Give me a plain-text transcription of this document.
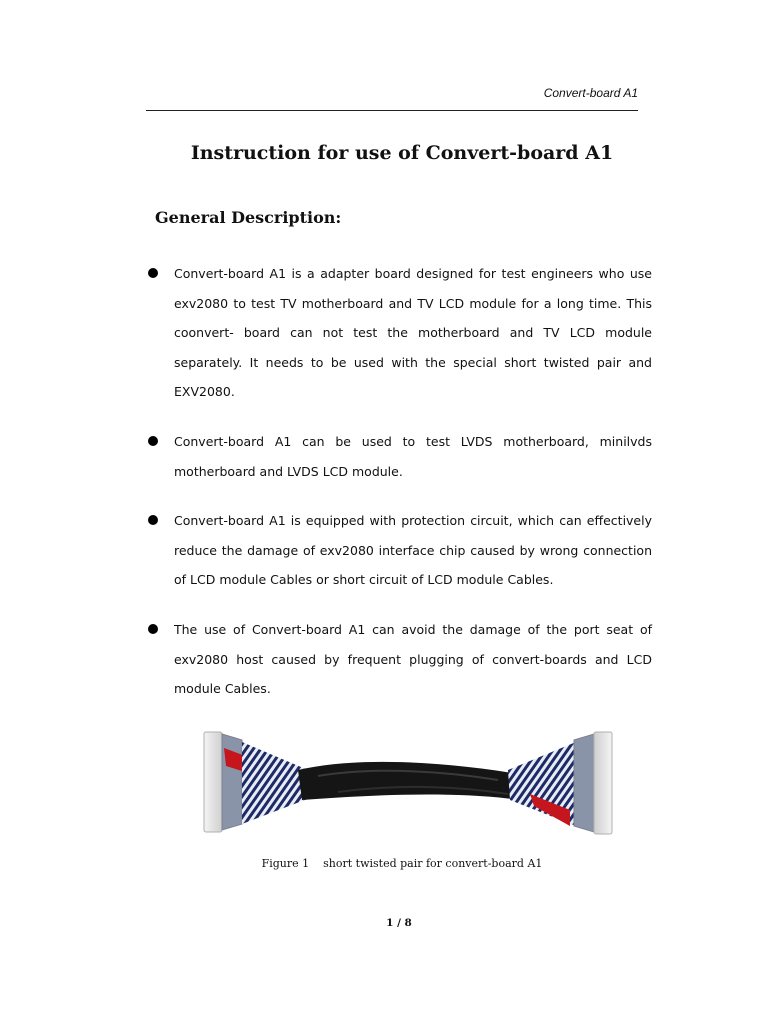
Convert-board A1
Instruction for use of Convert-board A1
General Description:
Convert-board A1 is a adapter board designed for test engineers who use exv2080 to test TV motherboard and TV LCD module for a long time. This coonvert- board can not test the motherboard and TV LCD module separately. It needs to be used with the special short twisted pair and EXV2080.
Convert-board A1 can be used to test LVDS motherboard, minilvds motherboard and LVDS LCD module.
Convert-board A1 is equipped with protection circuit, which can effectively reduce the damage of exv2080 interface chip caused by wrong connection of LCD module Cables or short circuit of LCD module Cables.
The use of Convert-board A1 can avoid the damage of the port seat of exv2080 host caused by frequent plugging of convert-boards and LCD module Cables.
Figure 1    short twisted pair for convert-board A1
1 / 8
